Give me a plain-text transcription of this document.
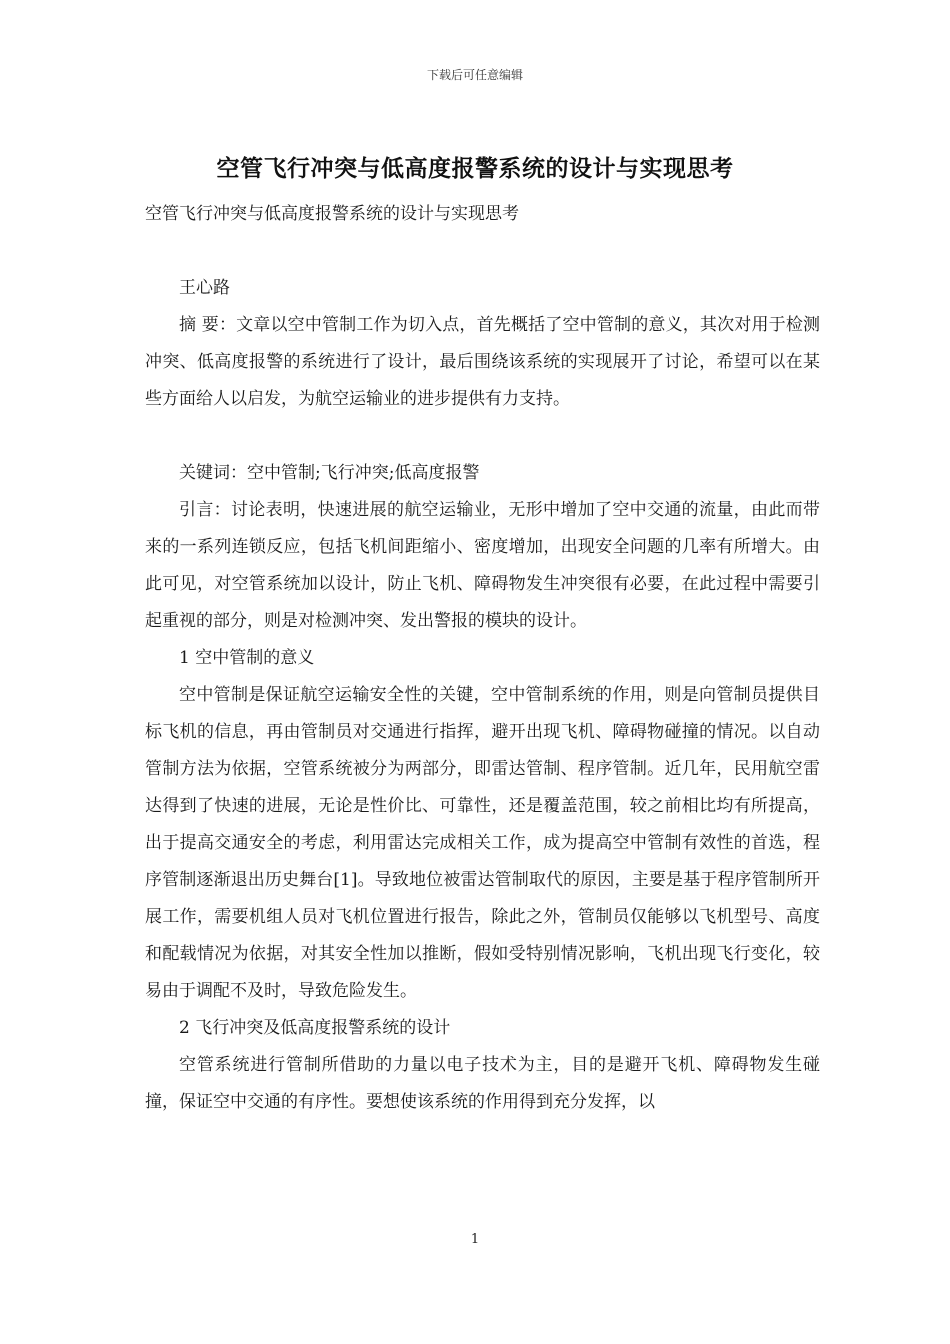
下载后可任意编辑
空管飞行冲突与低高度报警系统的设计与实现思考

空管飞行冲突与低高度报警系统的设计与实现思考

王心路

摘 要：文章以空中管制工作为切入点，首先概括了空中管制的意义，其次对用于检测冲突、低高度报警的系统进行了设计，最后围绕该系统的实现展开了讨论，希望可以在某些方面给人以启发，为航空运输业的进步提供有力支持。

关键词：空中管制;飞行冲突;低高度报警

引言：讨论表明，快速进展的航空运输业，无形中增加了空中交通的流量，由此而带来的一系列连锁反应，包括飞机间距缩小、密度增加，出现安全问题的几率有所增大。由此可见，对空管系统加以设计，防止飞机、障碍物发生冲突很有必要，在此过程中需要引起重视的部分，则是对检测冲突、发出警报的模块的设计。

1 空中管制的意义

空中管制是保证航空运输安全性的关键，空中管制系统的作用，则是向管制员提供目标飞机的信息，再由管制员对交通进行指挥，避开出现飞机、障碍物碰撞的情况。以自动管制方法为依据，空管系统被分为两部分，即雷达管制、程序管制。近几年，民用航空雷达得到了快速的进展，无论是性价比、可靠性，还是覆盖范围，较之前相比均有所提高，出于提高交通安全的考虑，利用雷达完成相关工作，成为提高空中管制有效性的首选，程序管制逐渐退出历史舞台[1]。导致地位被雷达管制取代的原因，主要是基于程序管制所开展工作，需要机组人员对飞机位置进行报告，除此之外，管制员仅能够以飞机型号、高度和配载情况为依据，对其安全性加以推断，假如受特别情况影响，飞机出现飞行变化，较易由于调配不及时，导致危险发生。

2 飞行冲突及低高度报警系统的设计

空管系统进行管制所借助的力量以电子技术为主，目的是避开飞机、障碍物发生碰撞，保证空中交通的有序性。要想使该系统的作用得到充分发挥，以

1
